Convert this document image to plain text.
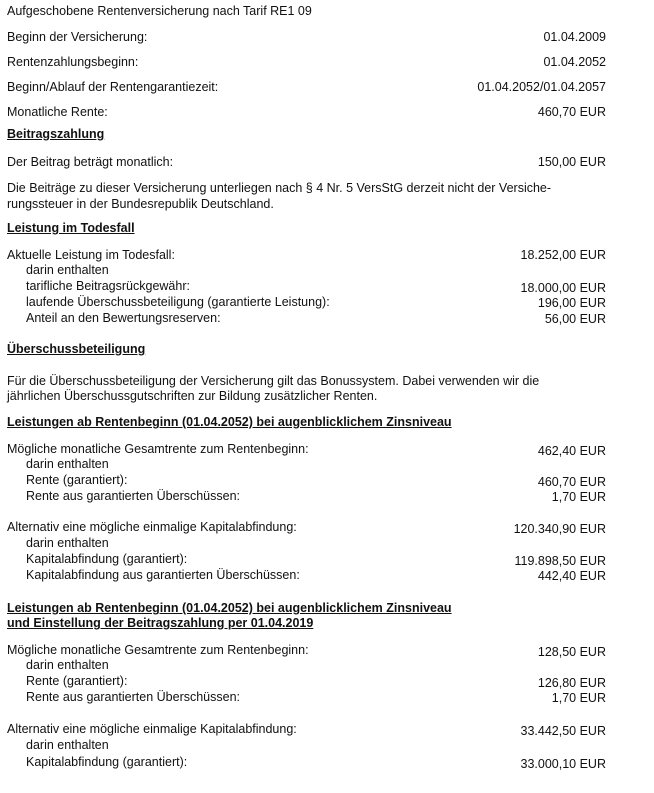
Aufgeschobene Rentenversicherung nach Tarif RE1 09
Beginn der Versicherung:	01.04.2009
Rentenzahlungsbeginn:	01.04.2052
Beginn/Ablauf der Rentengarantiezeit:	01.04.2052/01.04.2057
Monatliche Rente:	460,70 EUR
Beitragszahlung
Der Beitrag beträgt monatlich:	150,00 EUR
Die Beiträge zu dieser Versicherung unterliegen nach § 4 Nr. 5 VersStG derzeit nicht der Versiche-
rungssteuer in der Bundesrepublik Deutschland.
Leistung im Todesfall
Aktuelle Leistung im Todesfall:	18.252,00 EUR
darin enthalten
tarifliche Beitragsrückgewähr:	18.000,00 EUR
laufende Überschussbeteiligung (garantierte Leistung):	196,00 EUR
Anteil an den Bewertungsreserven:	56,00 EUR
Überschussbeteiligung
Für die Überschussbeteiligung der Versicherung gilt das Bonussystem. Dabei verwenden wir die
jährlichen Überschussgutschriften zur Bildung zusätzlicher Renten.
Leistungen ab Rentenbeginn (01.04.2052) bei augenblicklichem Zinsniveau
Mögliche monatliche Gesamtrente zum Rentenbeginn:	462,40 EUR
darin enthalten
Rente (garantiert):	460,70 EUR
Rente aus garantierten Überschüssen:	1,70 EUR
Alternativ eine mögliche einmalige Kapitalabfindung:	120.340,90 EUR
darin enthalten
Kapitalabfindung (garantiert):	119.898,50 EUR
Kapitalabfindung aus garantierten Überschüssen:	442,40 EUR
Leistungen ab Rentenbeginn (01.04.2052) bei augenblicklichem Zinsniveau
und Einstellung der Beitragszahlung per 01.04.2019
Mögliche monatliche Gesamtrente zum Rentenbeginn:	128,50 EUR
darin enthalten
Rente (garantiert):	126,80 EUR
Rente aus garantierten Überschüssen:	1,70 EUR
Alternativ eine mögliche einmalige Kapitalabfindung:	33.442,50 EUR
darin enthalten
Kapitalabfindung (garantiert):	33.000,10 EUR
